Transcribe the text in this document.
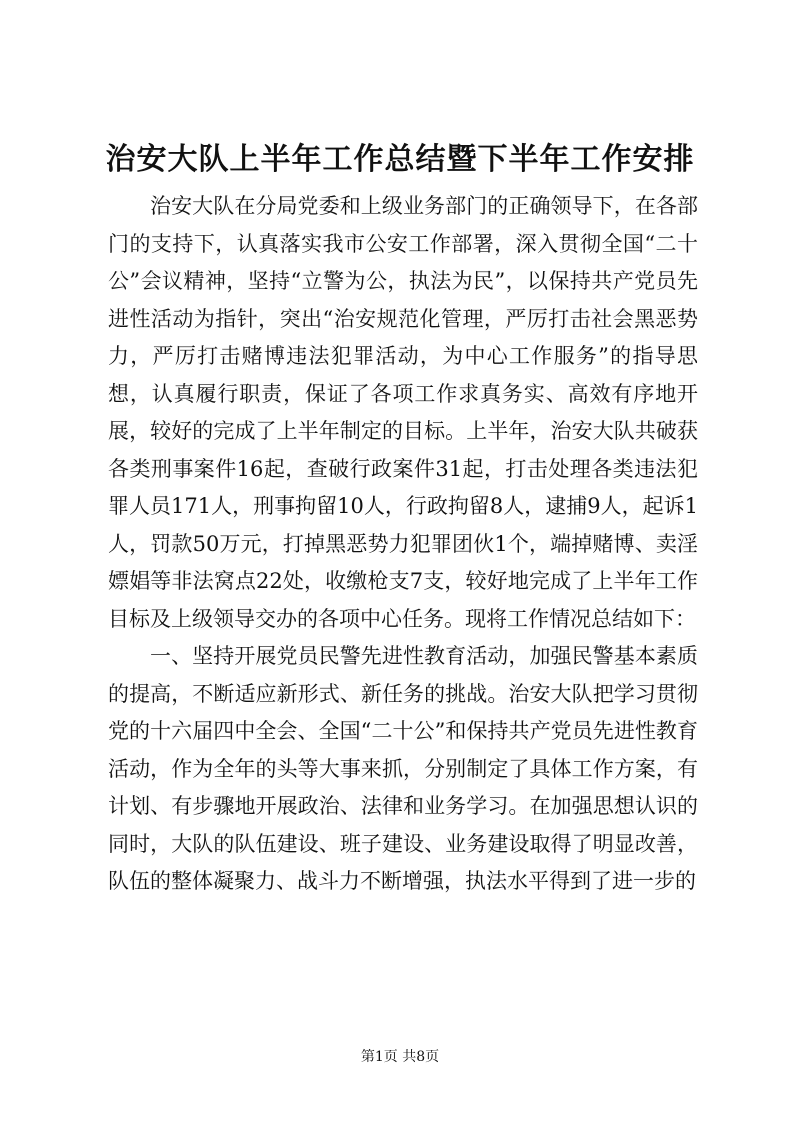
治安大队上半年工作总结暨下半年工作安排

治安大队在分局党委和上级业务部门的正确领导下，在各部门的支持下，认真落实我市公安工作部署，深入贯彻全国“二十公”会议精神，坚持“立警为公，执法为民”，以保持共产党员先进性活动为指针，突出“治安规范化管理，严厉打击社会黑恶势力，严厉打击赌博违法犯罪活动，为中心工作服务”的指导思想，认真履行职责，保证了各项工作求真务实、高效有序地开展，较好的完成了上半年制定的目标。上半年，治安大队共破获各类刑事案件16起，查破行政案件31起，打击处理各类违法犯罪人员171人，刑事拘留10人，行政拘留8人，逮捕9人，起诉1人，罚款50万元，打掉黑恶势力犯罪团伙1个，端掉赌博、卖淫嫖娼等非法窝点22处，收缴枪支7支，较好地完成了上半年工作目标及上级领导交办的各项中心任务。现将工作情况总结如下：

一、坚持开展党员民警先进性教育活动，加强民警基本素质的提高，不断适应新形式、新任务的挑战。治安大队把学习贯彻党的十六届四中全会、全国“二十公”和保持共产党员先进性教育活动，作为全年的头等大事来抓，分别制定了具体工作方案，有计划、有步骤地开展政治、法律和业务学习。在加强思想认识的同时，大队的队伍建设、班子建设、业务建设取得了明显改善，队伍的整体凝聚力、战斗力不断增强，执法水平得到了进一步的

第1页 共8页
